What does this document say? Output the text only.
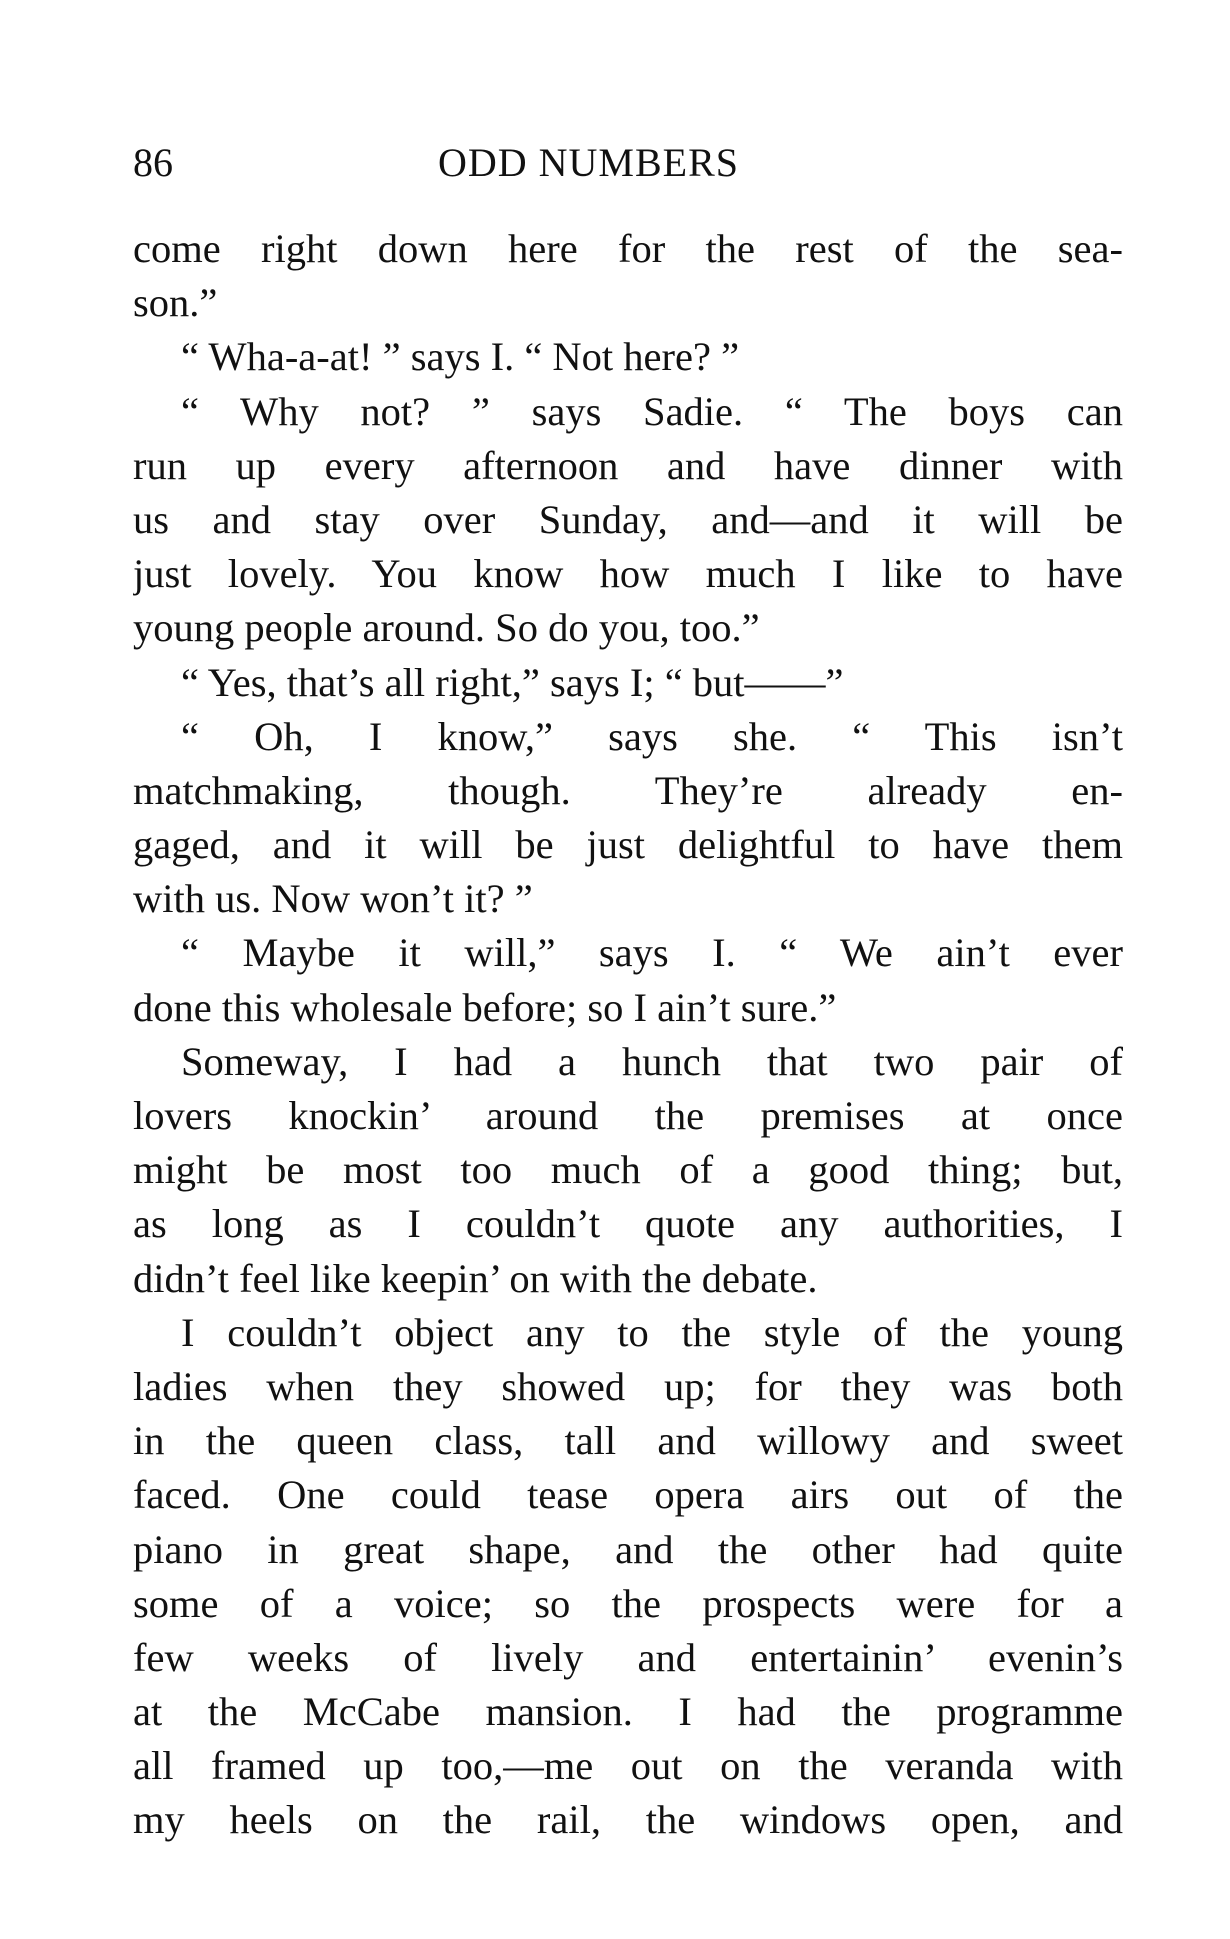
86	ODD NUMBERS
come right down here for the rest of the sea-
son.”
“ Wha-a-at! ” says I. “ Not here? ”
“ Why not? ” says Sadie. “ The boys can
run up every afternoon and have dinner with
us and stay over Sunday, and—and it will be
just lovely. You know how much I like to have
young people around. So do you, too.”
“ Yes, that’s all right,” says I; “ but——”
“ Oh, I know,” says she. “ This isn’t
matchmaking, though. They’re already en-
gaged, and it will be just delightful to have them
with us. Now won’t it? ”
“ Maybe it will,” says I. “ We ain’t ever
done this wholesale before; so I ain’t sure.”
Someway, I had a hunch that two pair of
lovers knockin’ around the premises at once
might be most too much of a good thing; but,
as long as I couldn’t quote any authorities, I
didn’t feel like keepin’ on with the debate.
I couldn’t object any to the style of the young
ladies when they showed up; for they was both
in the queen class, tall and willowy and sweet
faced. One could tease opera airs out of the
piano in great shape, and the other had quite
some of a voice; so the prospects were for a
few weeks of lively and entertainin’ evenin’s
at the McCabe mansion. I had the programme
all framed up too,—me out on the veranda with
my heels on the rail, the windows open, and
